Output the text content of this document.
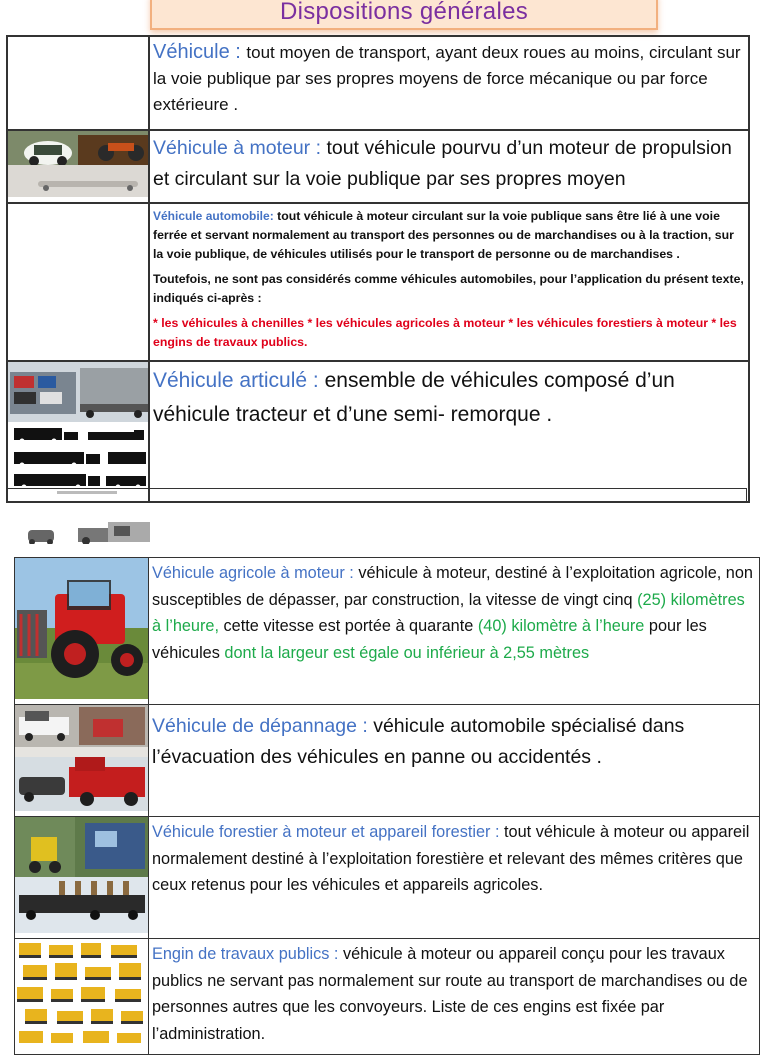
Dispositions générales
	Véhicule : tout moyen de transport, ayant deux roues au moins, circulant sur la voie publique par ses propres moyens de force mécanique ou par force extérieure .
	Véhicule à moteur : tout véhicule pourvu d’un moteur de propulsion et circulant sur la voie publique par ses propres moyen

	Véhicule automobile: tout véhicule à moteur circulant sur la voie publique sans être lié à une voie ferrée et servant normalement au transport des personnes ou de marchandises ou à la traction, sur la voie publique, de véhicules utilisés pour le transport de personne ou de marchandises .

Toutefois, ne sont pas considérés comme véhicules automobiles, pour l’application du présent texte, indiqués ci-après :

* les véhicules à chenilles * les véhicules agricoles à moteur * les véhicules forestiers à moteur * les engins de travaux publics.

	Véhicule articulé : ensemble de véhicules composé d’un véhicule tracteur et d’une semi- remorque .
	Véhicule agricole à moteur : véhicule à moteur, destiné à l’exploitation agricole, non susceptibles de dépasser, par construction, la vitesse de vingt cinq (25) kilomètres à l’heure, cette vitesse est portée à quarante (40) kilomètre à l’heure pour les véhicules dont la largeur est égale ou inférieur à 2,55 mètres
	Véhicule de dépannage : véhicule automobile spécialisé dans l’évacuation des véhicules en panne ou accidentés .
	Véhicule forestier à moteur et appareil forestier : tout véhicule à moteur ou appareil normalement destiné à l’exploitation forestière et relevant des mêmes critères que ceux retenus pour les véhicules et appareils agricoles.
	Engin de travaux publics : véhicule à moteur ou appareil conçu pour les travaux publics ne servant pas normalement sur route au transport de marchandises ou de personnes autres que les convoyeurs. Liste de ces engins est fixée par l’administration.
